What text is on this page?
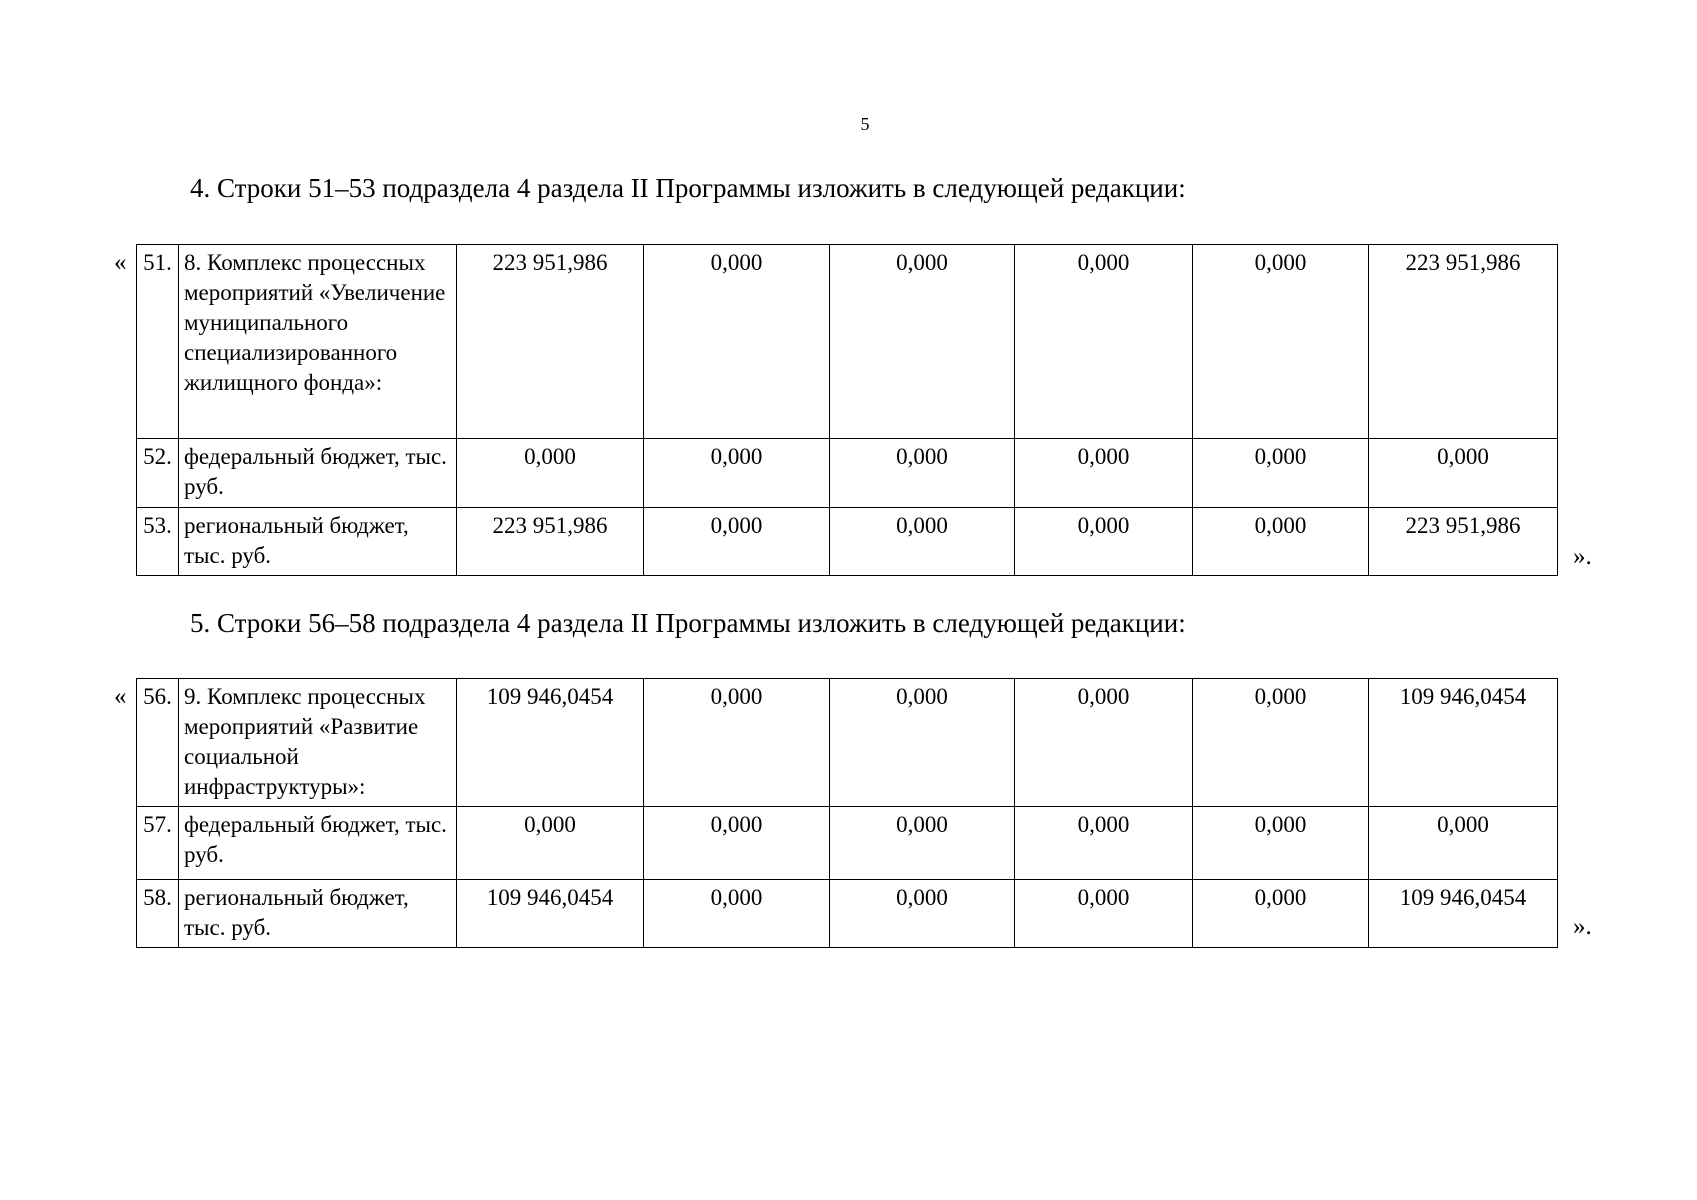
5
4. Строки 51–53 подраздела 4 раздела II Программы изложить в следующей редакции:
« 51.	8. Комплекс процессных мероприятий «Увеличение муниципального специализированного жилищного фонда»:	223 951,986	0,000	0,000	0,000	0,000	223 951,986
52.	федеральный бюджет, тыс. руб.	0,000	0,000	0,000	0,000	0,000	0,000
53.	региональный бюджет, тыс. руб.	223 951,986	0,000	0,000	0,000	0,000	223 951,986
».
5. Строки 56–58 подраздела 4 раздела II Программы изложить в следующей редакции:
« 56.	9. Комплекс процессных мероприятий «Развитие социальной инфраструктуры»:	109 946,0454	0,000	0,000	0,000	0,000	109 946,0454
57.	федеральный бюджет, тыс. руб.	0,000	0,000	0,000	0,000	0,000	0,000
58.	региональный бюджет, тыс. руб.	109 946,0454	0,000	0,000	0,000	0,000	109 946,0454
».
